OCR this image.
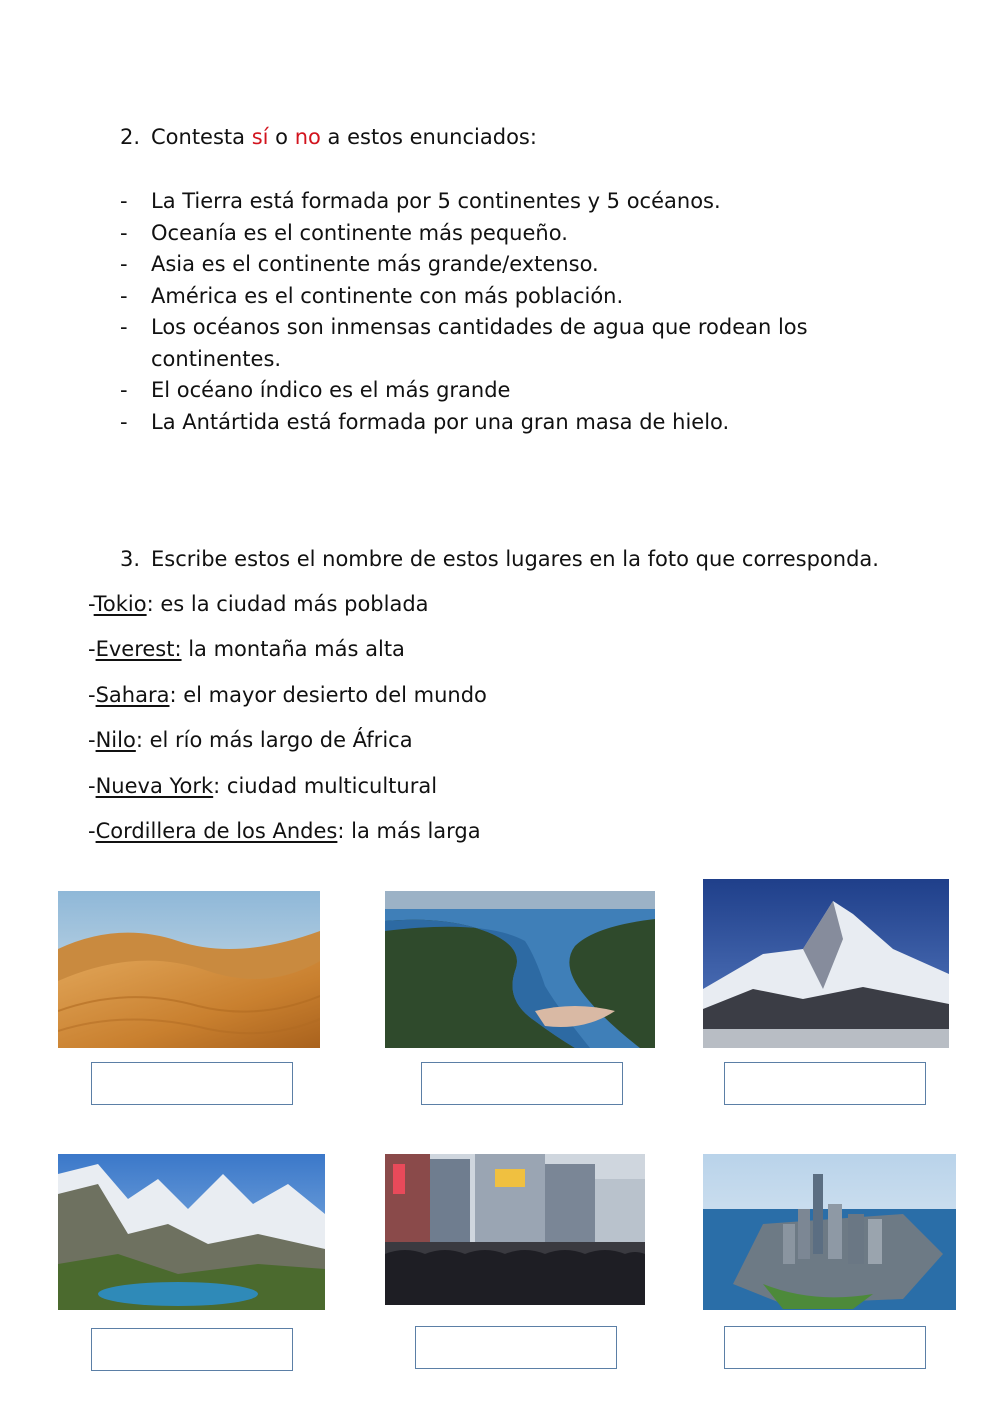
2. Contesta sí o no a estos enunciados:
- La Tierra está formada por 5 continentes y 5 océanos.
- Oceanía es el continente más pequeño.
- Asia es el continente más grande/extenso.
- América es el continente con más población.
- Los océanos son inmensas cantidades de agua que rodean los continentes.
- El océano índico es el más grande
- La Antártida está formada por una gran masa de hielo.
3. Escribe estos el nombre de estos lugares en la foto que corresponda.
-Tokio: es la ciudad más poblada
-Everest: la montaña más alta
-Sahara: el mayor desierto del mundo
-Nilo: el río más largo de África
-Nueva York: ciudad multicultural
-Cordillera de los Andes: la más larga
